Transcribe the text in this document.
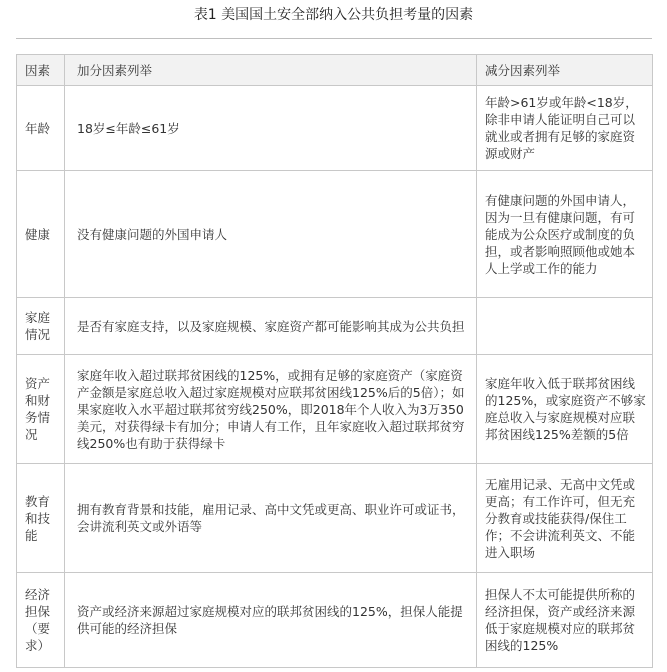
表1 美国国土安全部纳入公共负担考量的因素
因素	加分因素列举	减分因素列举
年龄	18岁≤年龄≤61岁	年龄>61岁或年龄<18岁，除非申请人能证明自己可以就业或者拥有足够的家庭资源或财产
健康	没有健康问题的外国申请人	有健康问题的外国申请人，因为一旦有健康问题，有可能成为公众医疗或制度的负担，或者影响照顾他或她本人上学或工作的能力
家庭情况	是否有家庭支持，以及家庭规模、家庭资产都可能影响其成为公共负担	
资产和财务情况	家庭年收入超过联邦贫困线的125%，或拥有足够的家庭资产（家庭资产金额是家庭总收入超过家庭规模对应联邦贫困线125%后的5倍）；如果家庭收入水平超过联邦贫穷线250%，即2018年个人收入为3万350美元，对获得绿卡有加分；申请人有工作，且年家庭收入超过联邦贫穷线250%也有助于获得绿卡	家庭年收入低于联邦贫困线的125%，或家庭资产不够家庭总收入与家庭规模对应联邦贫困线125%差额的5倍
教育和技能	拥有教育背景和技能，雇用记录、高中文凭或更高、职业许可或证书，会讲流利英文或外语等	无雇用记录、无高中文凭或更高；有工作许可，但无充分教育或技能获得/保住工作；不会讲流利英文、不能进入职场
经济担保（要求）	资产或经济来源超过家庭规模对应的联邦贫困线的125%，担保人能提供可能的经济担保	担保人不太可能提供所称的经济担保，资产或经济来源低于家庭规模对应的联邦贫困线的125%
